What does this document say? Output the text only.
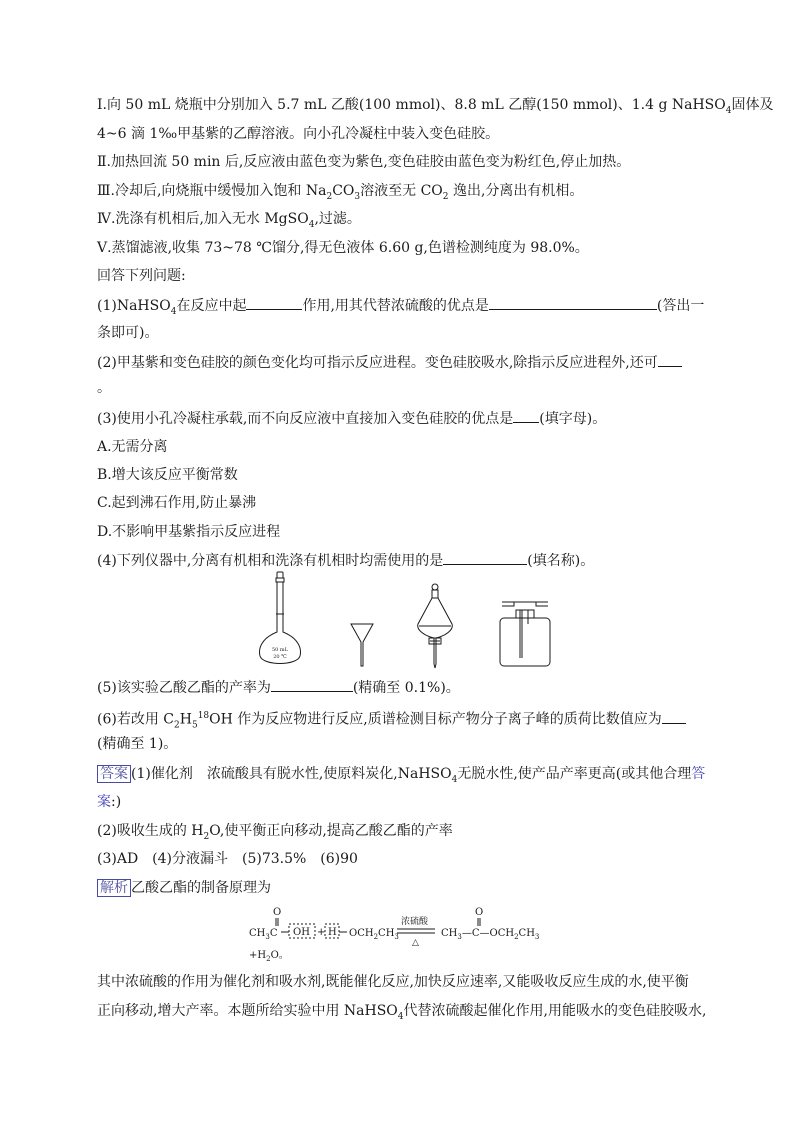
Ⅰ.向 50 mL 烧瓶中分别加入 5.7 mL 乙酸(100 mmol)、8.8 mL 乙醇(150 mmol)、1.4 g NaHSO$_4$固体及
4~6 滴 1‰甲基紫的乙醇溶液。向小孔冷凝柱中装入变色硅胶。
Ⅱ.加热回流 50 min 后,反应液由蓝色变为紫色,变色硅胶由蓝色变为粉红色,停止加热。
Ⅲ.冷却后,向烧瓶中缓慢加入饱和 $Na_2CO_3$溶液至无 $CO_2$ 逸出,分离出有机相。
Ⅳ.洗涤有机相后,加入无水 MgSO$_4$,过滤。
Ⅴ.蒸馏滤液,收集 73~78 ℃馏分,得无色液体 6.60 g,色谱检测纯度为 98.0%。
回答下列问题:
(1)NaHSO$_4$在反应中起	作用,用其代替浓硫酸的优点是	(答出一
条即可)。
(2)甲基紫和变色硅胶的颜色变化均可指示反应进程。变色硅胶吸水,除指示反应进程外,还可
。
(3)使用小孔冷凝柱承载,而不向反应液中直接加入变色硅胶的优点是 (填字母)。
A.无需分离
B.增大该反应平衡常数
C.起到沸石作用,防止暴沸
D.不影响甲基紫指示反应进程
(4)下列仪器中,分离有机相和洗涤有机相时均需使用的是	(填名称)。
50 mL
20 ℃
(5)该实验乙酸乙酯的产率为	(精确至 0.1%)。
(6)若改用 $C_2H_5^{18}OH$ 作为反应物进行反应,质谱检测目标产物分子离子峰的质荷比数值应为
(精确至 1)。
答案 (1)催化剂　浓硫酸具有脱水性,使原料炭化,NaHSO$_4$无脱水性,使产品产率更高(或其他合理答
案:)
(2)吸收生成的 $H_2O$,使平衡正向移动,提高乙酸乙酯的产率
(3)AD　(4)分液漏斗　(5)73.5%　(6)90
解析 乙酸乙酯的制备原理为
O
$CH_3C$ OH + H $OCH_2CH_3$
浓硫酸
△
$CH_3—C—OCH_2CH_3$
O
$+H_2O$。
其中浓硫酸的作用为催化剂和吸水剂,既能催化反应,加快反应速率,又能吸收反应生成的水,使平衡
正向移动,增大产率。本题所给实验中用 NaHSO$_4$代替浓硫酸起催化作用,用能吸水的变色硅胶吸水,
